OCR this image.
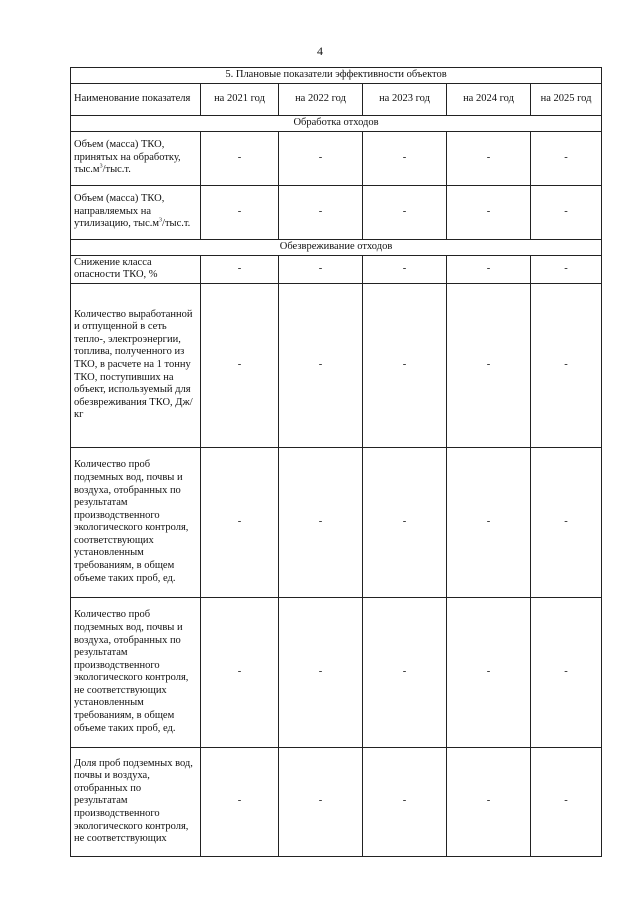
4
5. Плановые показатели эффективности объектов					
Наименование показателя	на 2021 год	на 2022 год	на 2023 год	на 2024 год	на 2025 год
Обработка отходов					
Объем (масса) ТКО, принятых на обработку, $тыс.м^3/тыс.т$.	-	-	-	-	-
Объем (масса) ТКО, направляемых на утилизацию, $тыс.м^3/тыс.т$.	-	-	-	-	-
Обезвреживание отходов					
Снижение класса опасности ТКО, %	-	-	-	-	-
Количество выработанной и отпущенной в сеть тепло-, электроэнергии, топлива, полученного из ТКО, в расчете на 1 тонну ТКО, поступивших на объект, используемый для обезвреживания ТКО, Дж/кг	-	-	-	-	-
Количество проб подземных вод, почвы и воздуха, отобранных по результатам производственного экологического контроля, соответствующих установленным требованиям, в общем объеме таких проб, ед.	-	-	-	-	-
Количество проб подземных вод, почвы и воздуха, отобранных по результатам производственного экологического контроля, не соответствующих установленным требованиям, в общем объеме таких проб, ед.	-	-	-	-	-
Доля проб подземных вод, почвы и воздуха, отобранных по результатам производственного экологического контроля, не соответствующих	-	-	-	-	-
